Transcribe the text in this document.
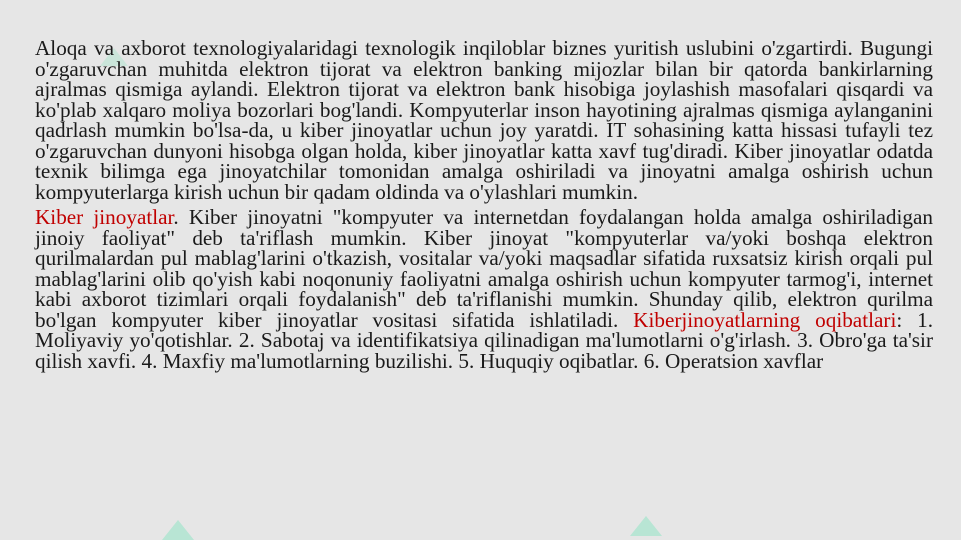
Aloqa va axborot texnologiyalaridagi texnologik inqiloblar biznes yuritish uslubini o'zgartirdi. Bugungi o'zgaruvchan muhitda elektron tijorat va elektron banking mijozlar bilan bir qatorda bankirlarning ajralmas qismiga aylandi. Elektron tijorat va elektron bank hisobiga joylashish masofalari qisqardi va ko'plab xalqaro moliya bozorlari bog'landi. Kompyuterlar inson hayotining ajralmas qismiga aylanganini qadrlash mumkin bo'lsa-da, u kiber jinoyatlar uchun joy yaratdi. IT sohasining katta hissasi tufayli tez o'zgaruvchan dunyoni hisobga olgan holda, kiber jinoyatlar katta xavf tug'diradi. Kiber jinoyatlar odatda texnik bilimga ega jinoyatchilar tomonidan amalga oshiriladi va jinoyatni amalga oshirish uchun kompyuterlarga kirish uchun bir qadam oldinda va o'ylashlari mumkin.

Kiber jinoyatlar. Kiber jinoyatni "kompyuter va internetdan foydalangan holda amalga oshiriladigan jinoiy faoliyat" deb ta'riflash mumkin. Kiber jinoyat "kompyuterlar va/yoki boshqa elektron qurilmalardan pul mablag'larini o'tkazish, vositalar va/yoki maqsadlar sifatida ruxsatsiz kirish orqali pul mablag'larini olib qo'yish kabi noqonuniy faoliyatni amalga oshirish uchun kompyuter tarmog'i, internet kabi axborot tizimlari orqali foydalanish" deb ta'riflanishi mumkin. Shunday qilib, elektron qurilma bo'lgan kompyuter kiber jinoyatlar vositasi sifatida ishlatiladi. Kiberjinoyatlarning oqibatlari: 1. Moliyaviy yo'qotishlar. 2. Sabotaj va identifikatsiya qilinadigan ma'lumotlarni o'g'irlash. 3. Obro'ga ta'sir qilish xavfi. 4. Maxfiy ma'lumotlarning buzilishi. 5. Huquqiy oqibatlar. 6. Operatsion xavflar
